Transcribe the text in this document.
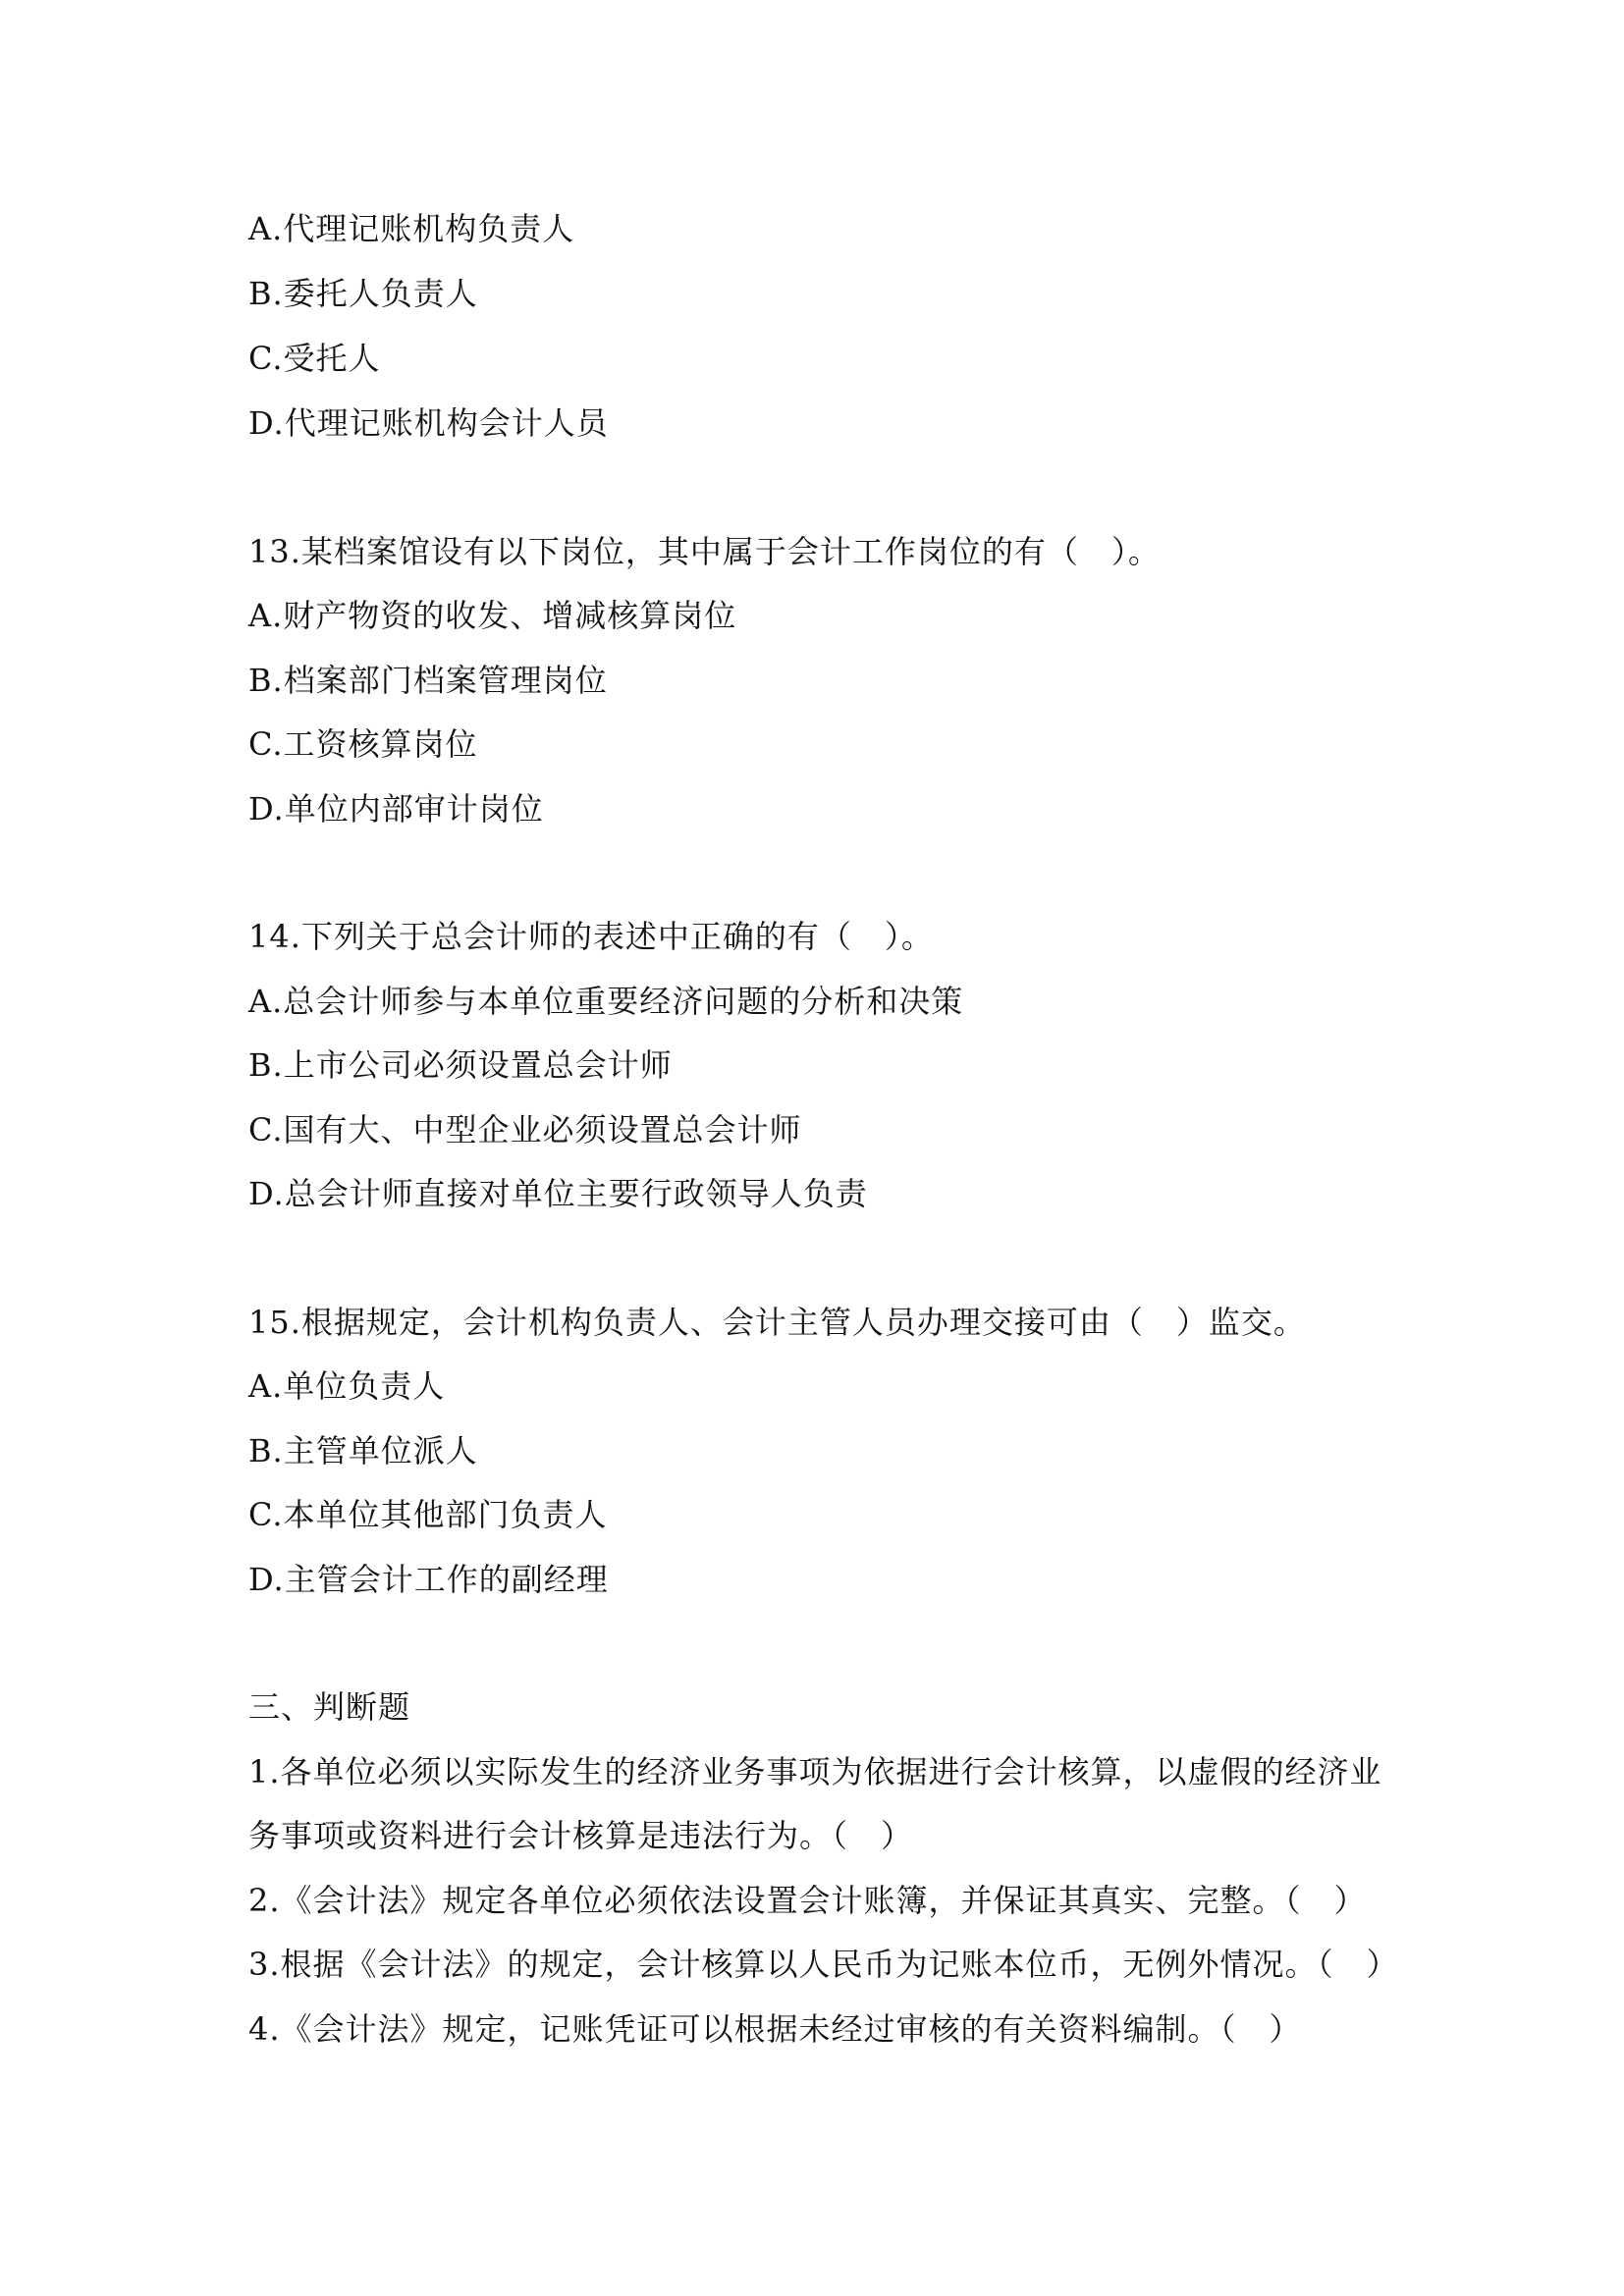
A.代理记账机构负责人
B.委托人负责人
C.受托人
D.代理记账机构会计人员
13.某档案馆设有以下岗位，其中属于会计工作岗位的有（　）。
A.财产物资的收发、增减核算岗位
B.档案部门档案管理岗位
C.工资核算岗位
D.单位内部审计岗位
14.下列关于总会计师的表述中正确的有（　）。
A.总会计师参与本单位重要经济问题的分析和决策
B.上市公司必须设置总会计师
C.国有大、中型企业必须设置总会计师
D.总会计师直接对单位主要行政领导人负责
15.根据规定，会计机构负责人、会计主管人员办理交接可由（　）监交。
A.单位负责人
B.主管单位派人
C.本单位其他部门负责人
D.主管会计工作的副经理
三、判断题
1.各单位必须以实际发生的经济业务事项为依据进行会计核算，以虚假的经济业
务事项或资料进行会计核算是违法行为。（　）
2.《会计法》规定各单位必须依法设置会计账簿，并保证其真实、完整。（　）
3.根据《会计法》的规定，会计核算以人民币为记账本位币，无例外情况。（　）
4.《会计法》规定，记账凭证可以根据未经过审核的有关资料编制。（　）
